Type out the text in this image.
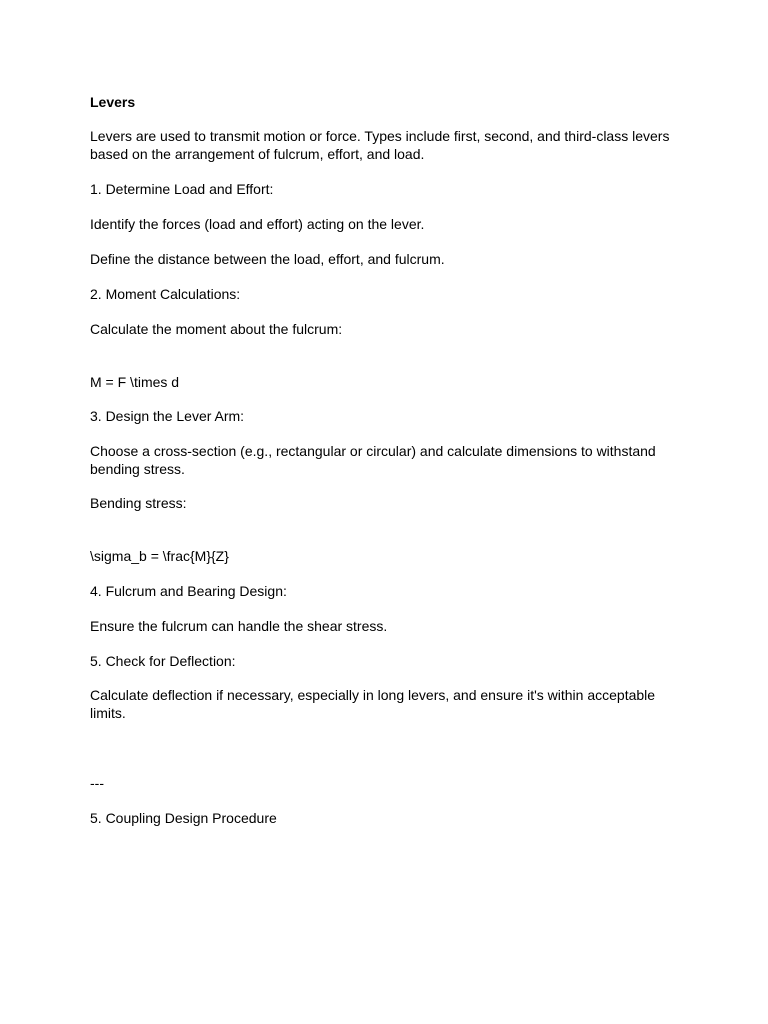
Levers

Levers are used to transmit motion or force. Types include first, second, and third-class levers based on the arrangement of fulcrum, effort, and load.

1. Determine Load and Effort:

Identify the forces (load and effort) acting on the lever.

Define the distance between the load, effort, and fulcrum.

2. Moment Calculations:

Calculate the moment about the fulcrum:

M = F \times d

3. Design the Lever Arm:

Choose a cross-section (e.g., rectangular or circular) and calculate dimensions to withstand bending stress.

Bending stress:

\sigma_b = \frac{M}{Z}

4. Fulcrum and Bearing Design:

Ensure the fulcrum can handle the shear stress.

5. Check for Deflection:

Calculate deflection if necessary, especially in long levers, and ensure it's within acceptable limits.

---

5. Coupling Design Procedure
